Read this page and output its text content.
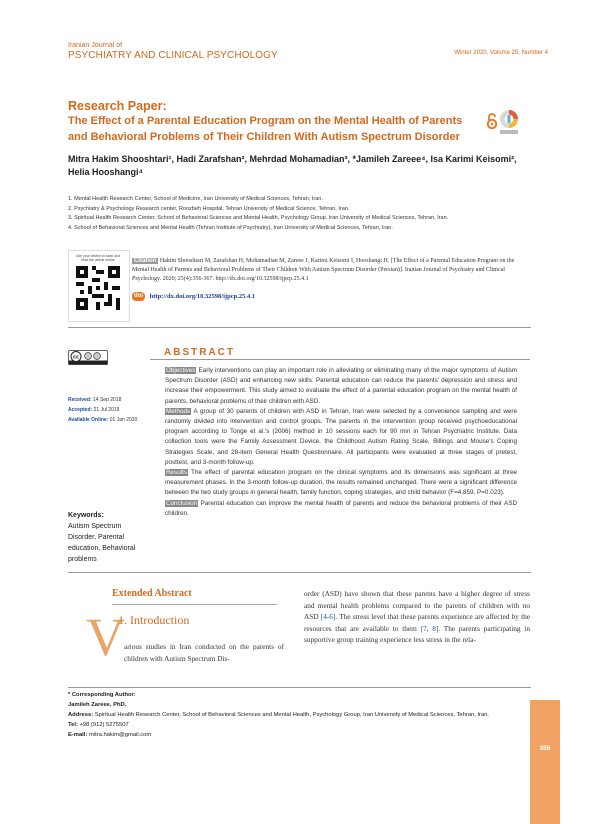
Iranian Journal of
PSYCHIATRY AND CLINICAL PSYCHOLOGY	Winter 2020, Volume 25, Number 4
Research Paper:
The Effect of a Parental Education Program on the Mental Health of Parents and Behavioral Problems of Their Children With Autism Spectrum Disorder
Mitra Hakim Shooshtari¹, Hadi Zarafshan², Mehrdad Mohamadian³, *Jamileh Zareee⁴, Isa Karimi Keisomi², Helia Hooshangi⁴
1. Mental Health Research Center, School of Medicine, Iran University of Medical Sciences, Tehran, Iran.
2. Psychiatry & Psychology Research center, Roozbeh Hospital, Tehran University of Medical Science, Tehran, Iran.
3. Spiritual Health Research Center, School of Behavioral Sciences and Mental Health, Psychology Group, Iran University of Medical Sciences, Tehran, Iran.
4. School of Behavioral Sciences and Mental Health (Tehran Institute of Psychiatry), Iran University of Medical Sciences, Tehran, Iran.
Use your device to scan and read the article online	Citation Hakim Shooshtari M, Zarafshan H, Mohamadian M, Zareee J, Karimi Keisomi I, Hooshangi H. [The Effect of a Parental Education Program on the Mental Health of Parents and Behavioral Problems of Their Children With Autism Spectrum Disorder (Persian)]. Iranian Journal of Psychiatry and Clinical Psychology. 2020; 25(4):356-367. http://dx.doi.org/10.32598/ijpcp.25.4.1
doi http://dx.doi.org/10.32598/ijpcp.25.4.1
cc	ABSTRACT
Objectives Early interventions can play an important role in alleviating or eliminating many of the major symptoms of Autism Spectrum Disorder (ASD) and enhancing new skills. Parental education can reduce the parents' depression and stress and increase their empowerment. This study aimed to evaluate the effect of a parental education program on the mental health of parents, behavioral problems of their children with ASD.
Methods A group of 30 parents of children with ASD in Tehran, Iran were selected by a convenience sampling and were randomly divided into intervention and control groups. The parents in the intervention group received psychoeducational program according to Tonge et al.'s (2006) method in 10 sessions each for 90 min in Tehran Psychiatric Institute. Data collection tools were the Family Assessment Device, the Childhood Autism Rating Scale, Billings and Mouse's Coping Strategies Scale, and 28-item General Health Questionnaire. All participants were evaluated at three stages of pretest, posttest, and 3-month follow-up.
Results The effect of parental education program on the clinical symptoms and its dimensions was significant at three measurement phases. In the 3-month follow-up duration, the results remained unchanged. There were a significant difference between the two study groups in general health, family function, coping strategies, and child behavior (F=4.859, P=0.023).
Conclusion Parental education can improve the mental health of parents and reduce the behavioral problems of their ASD children.
Received: 14 Sep 2018
Accepted: 21 Jul 2019
Available Online: 01 Jan 2020
Keywords:
Autism Spectrum Disorder, Parental education, Behavioral problems
Extended Abstract
V
1. Introduction
arious studies in Iran conducted on the parents of children with Autism Spectrum Dis-
order (ASD) have shown that these parents have a higher degree of stress and mental health problems compared to the parents of children with no ASD [4-6]. The stress level that these parents experience are affected by the resources that are available to them [7, 8]. The parents participating in supportive group training experience less stress in the rela-
* Corresponding Author:
Jamileh Zareee, PhD.
Address: Spiritual Health Research Center, School of Behavioral Sciences and Mental Health, Psychology Group, Iran University of Medical Sciences, Tehran, Iran.
Tel: +98 (912) 5275507
E-mail: mitra.hakim@gmail.com
356
